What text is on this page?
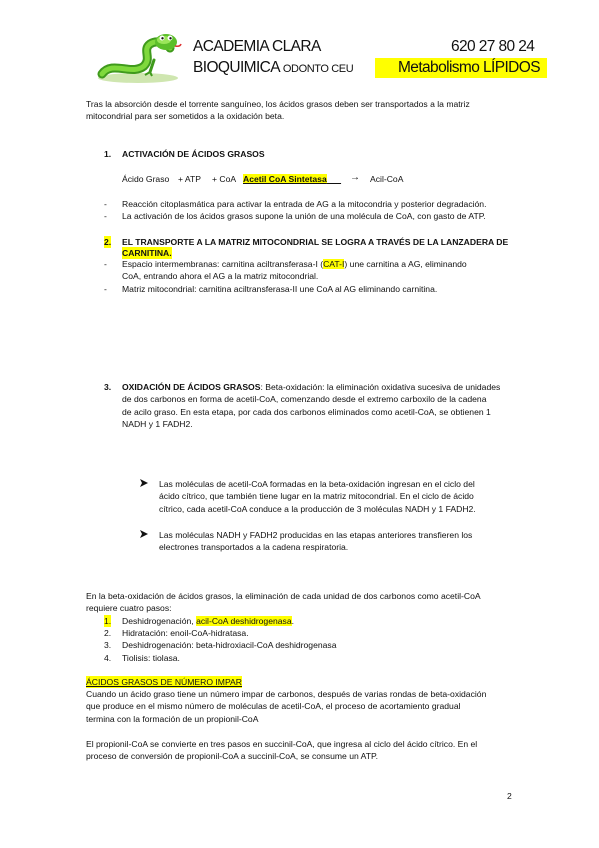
ACADEMIA CLARA	620 27 80 24
BIOQUIMICA ODONTO CEU	Metabolismo LÍPIDOS
Tras la absorción desde el torrente sanguíneo, los ácidos grasos deben ser transportados a la matriz
mitocondrial para ser sometidos a la oxidación beta.
1. ACTIVACIÓN DE ÁCIDOS GRASOS
Ácido Graso + ATP + CoA Acetil CoA Sintetasa	→ Acil-CoA
- Reacción citoplasmática para activar la entrada de AG a la mitocondria y posterior degradación.
- La activación de los ácidos grasos supone la unión de una molécula de CoA, con gasto de ATP.
2. EL TRANSPORTE A LA MATRIZ MITOCONDRIAL SE LOGRA A TRAVÉS DE LA LANZADERA DE
CARNITINA.
- Espacio intermembranas: carnitina aciltransferasa-I (CAT-I) une carnitina a AG, eliminando
CoA, entrando ahora el AG a la matriz mitocondrial.
- Matriz mitocondrial: carnitina aciltransferasa-II une CoA al AG eliminando carnitina.
3. OXIDACIÓN DE ÁCIDOS GRASOS: Beta-oxidación: la eliminación oxidativa sucesiva de unidades
de dos carbonos en forma de acetil-CoA, comenzando desde el extremo carboxilo de la cadena
de acilo graso. En esta etapa, por cada dos carbonos eliminados como acetil-CoA, se obtienen 1
NADH y 1 FADH2.
Las moléculas de acetil-CoA formadas en la beta-oxidación ingresan en el ciclo del
ácido cítrico, que también tiene lugar en la matriz mitocondrial. En el ciclo de ácido
cítrico, cada acetil-CoA conduce a la producción de 3 moléculas NADH y 1 FADH2.
Las moléculas NADH y FADH2 producidas en las etapas anteriores transfieren los
electrones transportados a la cadena respiratoria.
En la beta-oxidación de ácidos grasos, la eliminación de cada unidad de dos carbonos como acetil-CoA
requiere cuatro pasos:
1. Deshidrogenación, acil-CoA deshidrogenasa.
2. Hidratación: enoil-CoA-hidratasa.
3. Deshidrogenación: beta-hidroxiacil-CoA deshidrogenasa
4. Tiolisis: tiolasa.
ÁCIDOS GRASOS DE NÚMERO IMPAR
Cuando un ácido graso tiene un número impar de carbonos, después de varias rondas de beta-oxidación
que produce en el mismo número de moléculas de acetil-CoA, el proceso de acortamiento gradual
termina con la formación de un propionil-CoA
El propionil-CoA se convierte en tres pasos en succinil-CoA, que ingresa al ciclo del ácido cítrico. En el
proceso de conversión de propionil-CoA a succinil-CoA, se consume un ATP.
2
